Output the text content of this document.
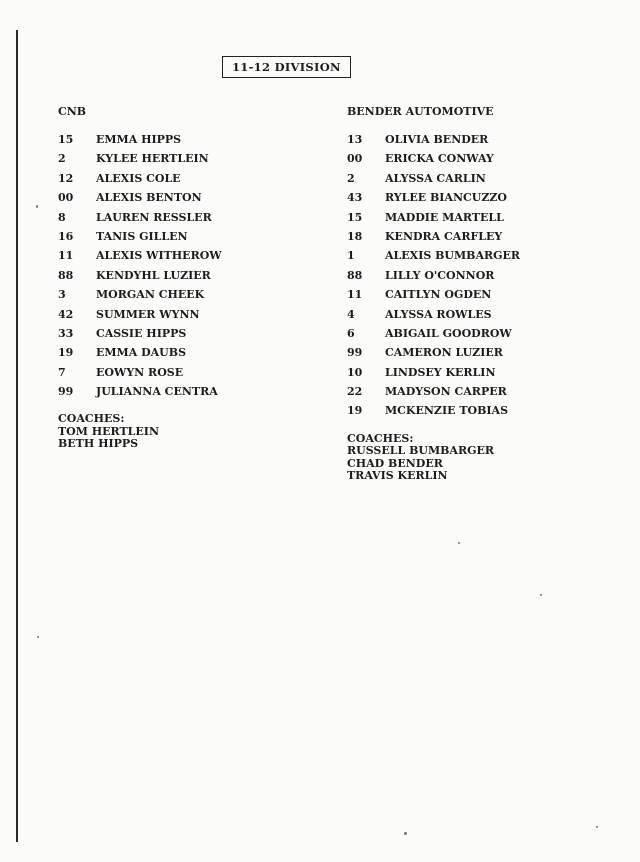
11-12 DIVISION
CNB
15 EMMA HIPPS
2	KYLEE HERTLEIN
12 ALEXIS COLE
00 ALEXIS BENTON
8	LAUREN RESSLER
16 TANIS GILLEN
11 ALEXIS WITHEROW
88 KENDYHL LUZIER
3	MORGAN CHEEK
42 SUMMER WYNN
33 CASSIE HIPPS
19 EMMA DAUBS
7	EOWYN ROSE
99 JULIANNA CENTRA
COACHES:
TOM HERTLEIN
BETH HIPPS
BENDER AUTOMOTIVE
13 OLIVIA BENDER
00 ERICKA CONWAY
2	ALYSSA CARLIN
43 RYLEE BIANCUZZO
15 MADDIE MARTELL
18 KENDRA CARFLEY
1	ALEXIS BUMBARGER
88 LILLY O'CONNOR
11 CAITLYN OGDEN
4	ALYSSA ROWLES
6	ABIGAIL GOODROW
99 CAMERON LUZIER
10 LINDSEY KERLIN
22 MADYSON CARPER
19 MCKENZIE TOBIAS
COACHES:
RUSSELL BUMBARGER
CHAD BENDER
TRAVIS KERLIN
